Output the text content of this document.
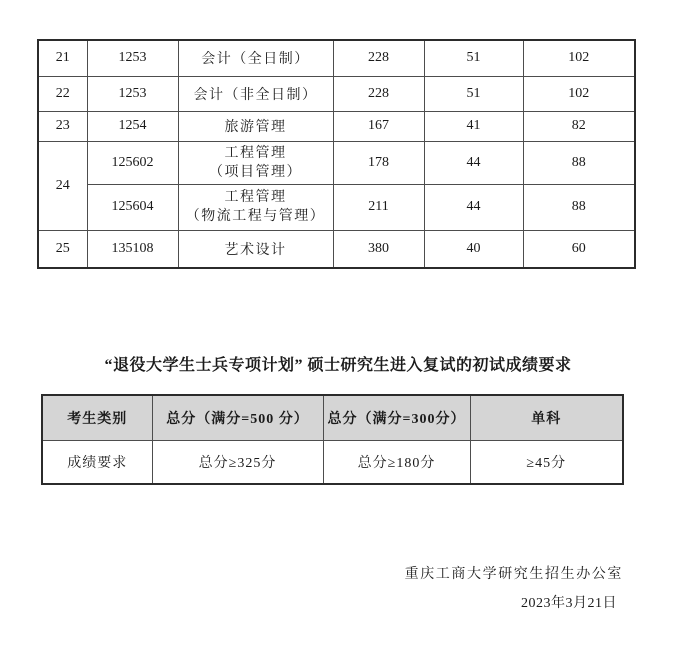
21	1253	会计（全日制）	228	51	102
22	1253	会计（非全日制）	228	51	102
23	1254	旅游管理	167	41	82
24	125602	工程管理
（项目管理）	178	44	88
	125604	工程管理
（物流工程与管理）	211	44	88
25	135108	艺术设计	380	40	60
“退役大学生士兵专项计划” 硕士研究生进入复试的初试成绩要求
考生类别	总分（满分=500 分）	总分（满分=300分）	单科
成绩要求	总分≥325分	总分≥180分	≥45分
重庆工商大学研究生招生办公室
2023年3月21日
